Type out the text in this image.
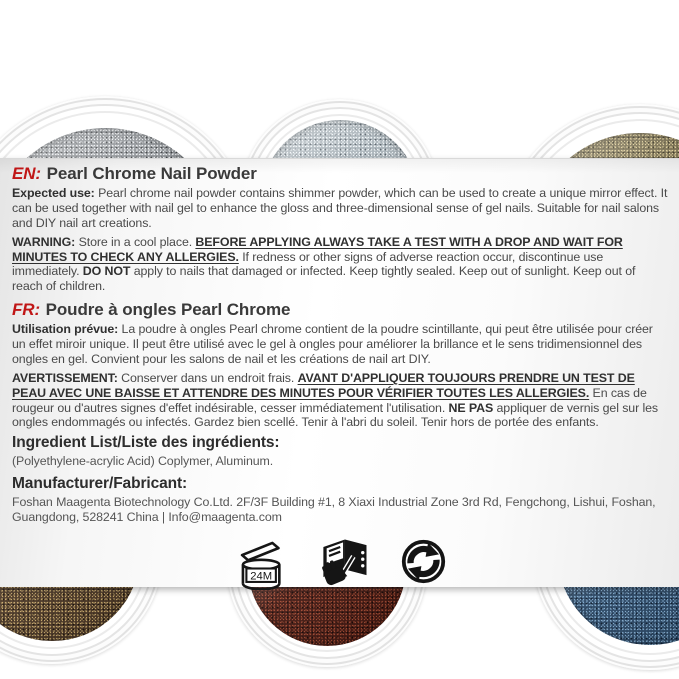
EN: Pearl Chrome Nail Powder

Expected use: Pearl chrome nail powder contains shimmer powder, which can be used to create a unique mirror effect. It can be used together with nail gel to enhance the gloss and three-dimensional sense of gel nails. Suitable for nail salons and DIY nail art creations.

WARNING: Store in a cool place. BEFORE APPLYING ALWAYS TAKE A TEST WITH A DROP AND WAIT FOR MINUTES TO CHECK ANY ALLERGIES. If redness or other signs of adverse reaction occur, discontinue use immediately. DO NOT apply to nails that damaged or infected. Keep tightly sealed. Keep out of sunlight. Keep out of reach of children.

FR: Poudre à ongles Pearl Chrome

Utilisation prévue: La poudre à ongles Pearl chrome contient de la poudre scintillante, qui peut être utilisée pour créer un effet miroir unique. Il peut être utilisé avec le gel à ongles pour améliorer la brillance et le sens tridimensionnel des ongles en gel. Convient pour les salons de nail et les créations de nail art DIY.

AVERTISSEMENT: Conserver dans un endroit frais. AVANT D'APPLIQUER TOUJOURS PRENDRE UN TEST DE PEAU AVEC UNE BAISSE ET ATTENDRE DES MINUTES POUR VÉRIFIER TOUTES LES ALLERGIES. En cas de rougeur ou d'autres signes d'effet indésirable, cesser immédiatement l'utilisation. NE PAS appliquer de vernis gel sur les ongles endommagés ou infectés. Gardez bien scellé. Tenir à l'abri du soleil. Tenir hors de portée des enfants.

Ingredient List/Liste des ingrédients:

(Polyethylene-acrylic Acid) Coplymer, Aluminum.

Manufacturer/Fabricant:

Foshan Maagenta Biotechnology Co.Ltd. 2F/3F Building #1, 8 Xiaxi Industrial Zone 3rd Rd, Fengchong, Lishui, Foshan, Guangdong, 528241 China | Info@maagenta.com

24M
